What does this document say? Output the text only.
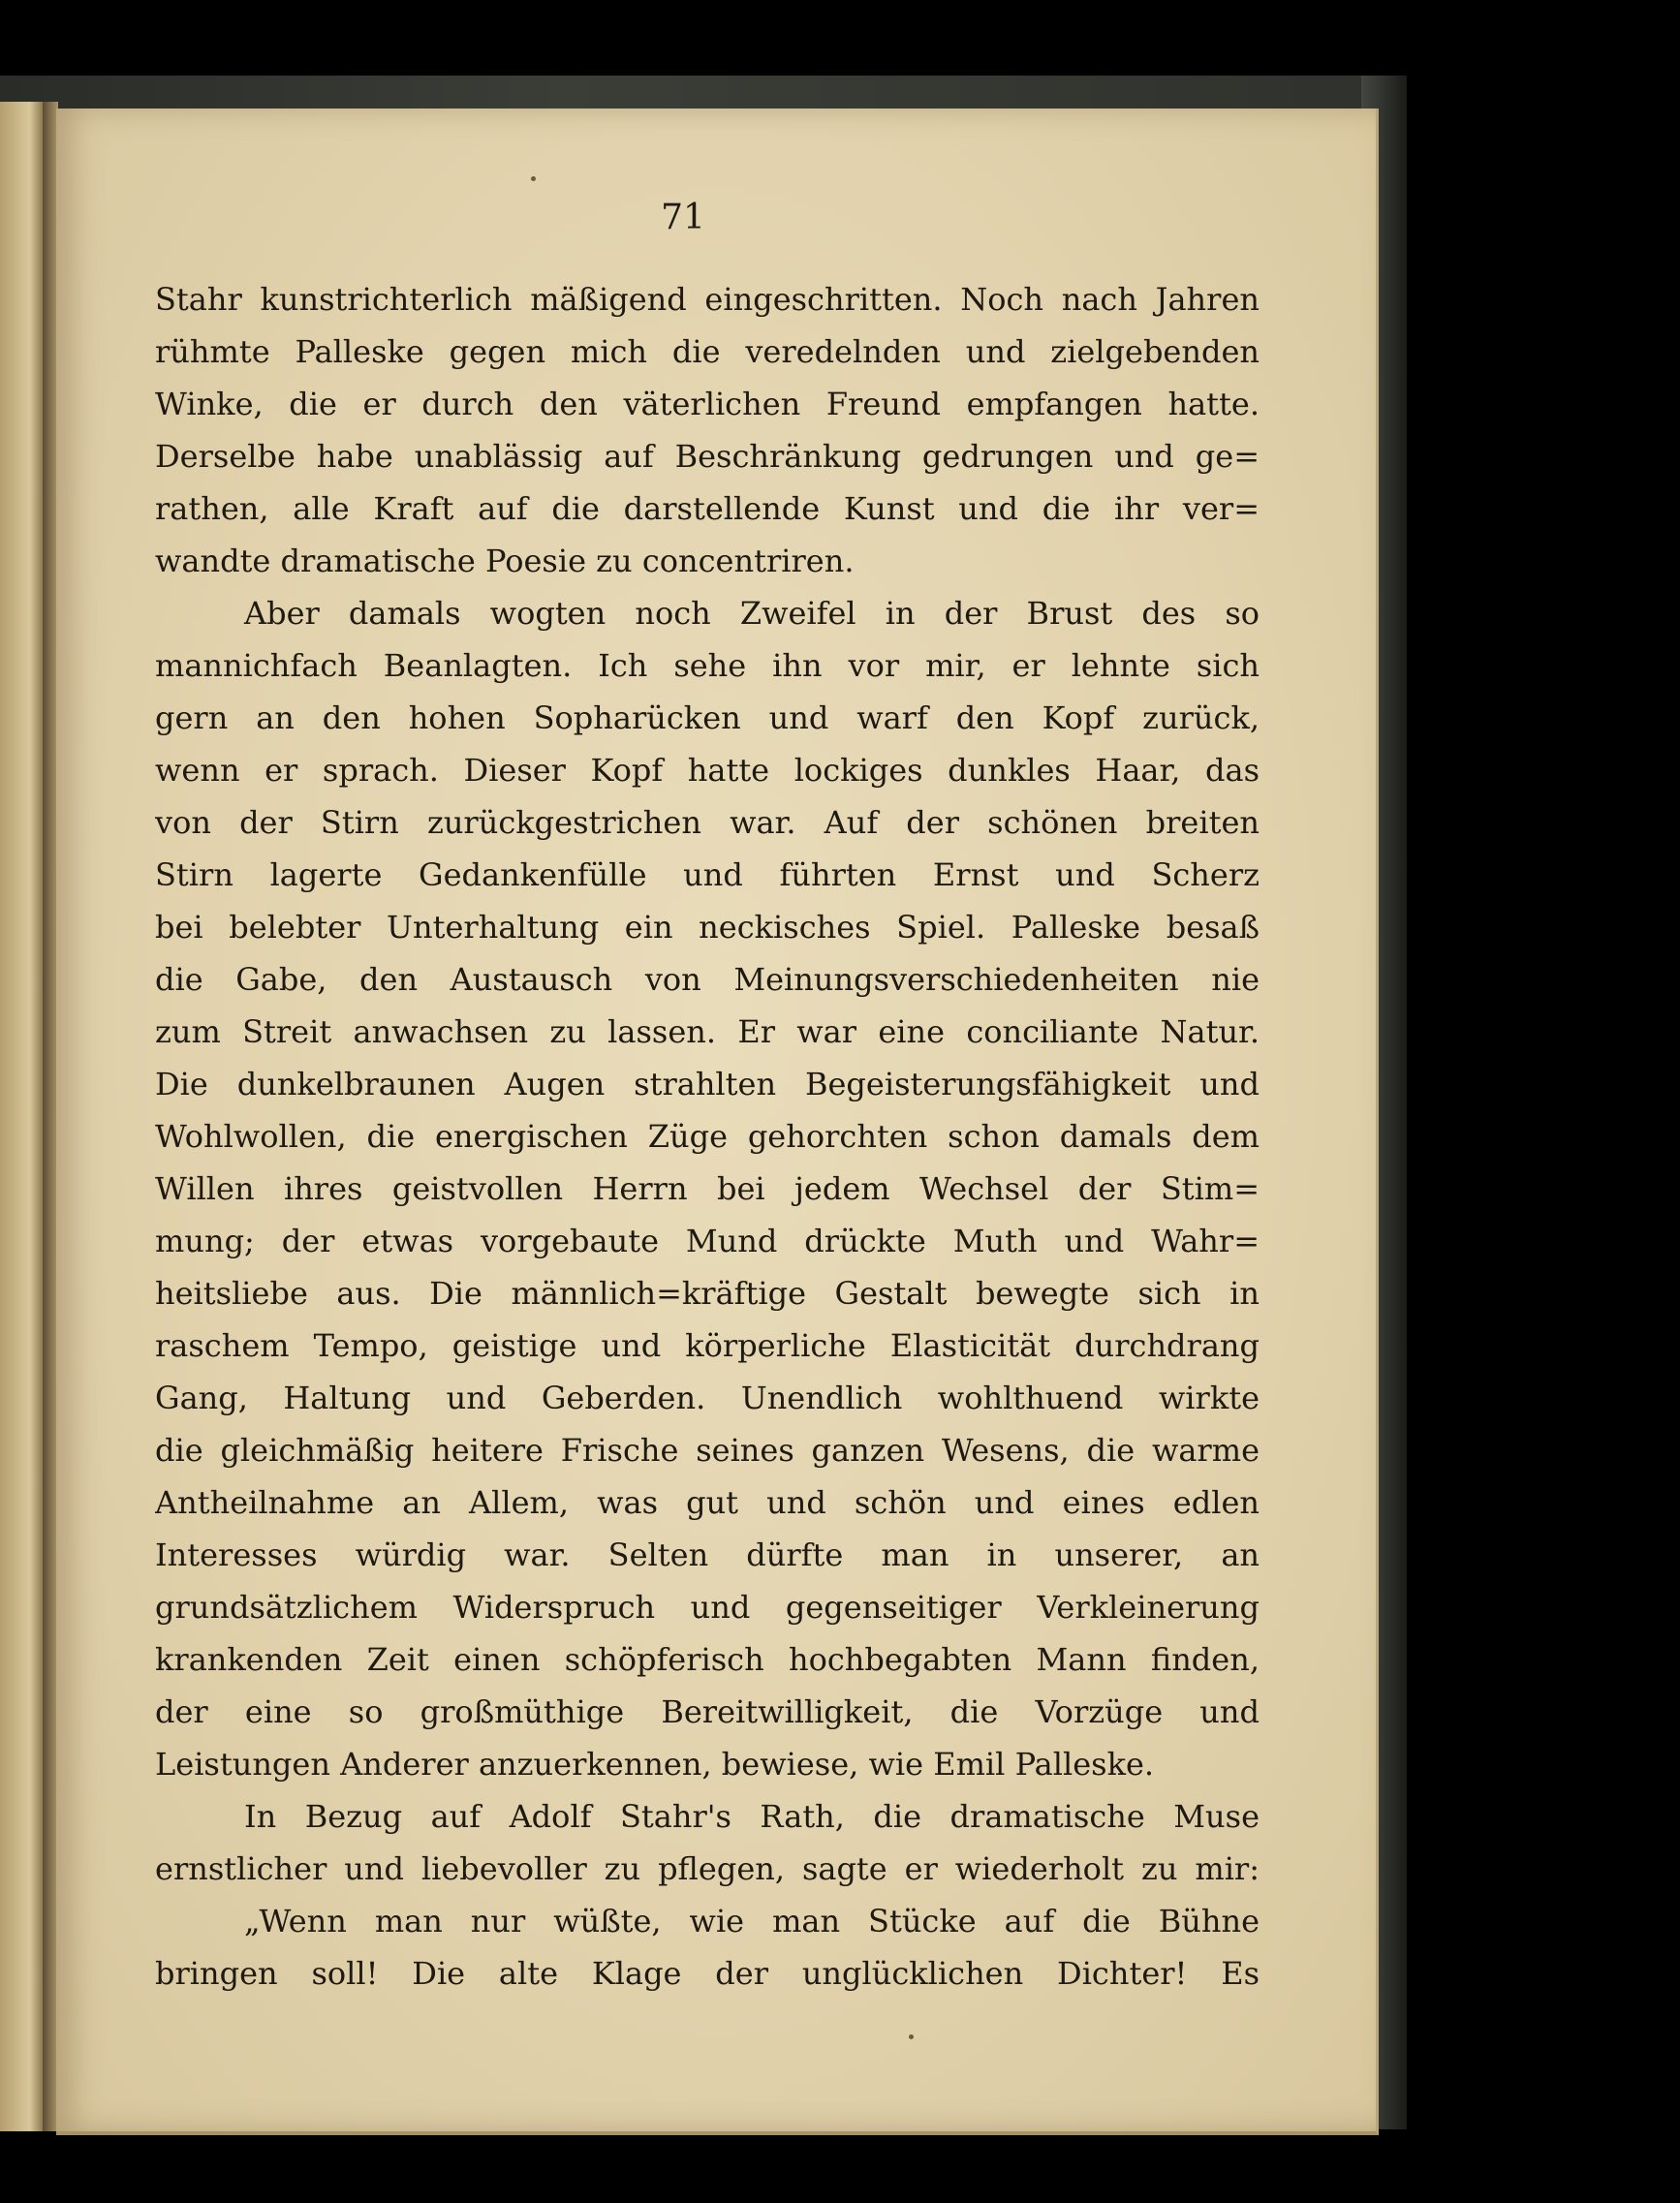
71
Stahr kunstrichterlich mäßigend eingeschritten. Noch nach Jahren
rühmte Palleske gegen mich die veredelnden und zielgebenden
Winke, die er durch den väterlichen Freund empfangen hatte.
Derselbe habe unablässig auf Beschränkung gedrungen und ge=
rathen, alle Kraft auf die darstellende Kunst und die ihr ver=
wandte dramatische Poesie zu concentriren.
Aber damals wogten noch Zweifel in der Brust des so
mannichfach Beanlagten. Ich sehe ihn vor mir, er lehnte sich
gern an den hohen Sopharücken und warf den Kopf zurück,
wenn er sprach. Dieser Kopf hatte lockiges dunkles Haar, das
von der Stirn zurückgestrichen war. Auf der schönen breiten
Stirn lagerte Gedankenfülle und führten Ernst und Scherz
bei belebter Unterhaltung ein neckisches Spiel. Palleske besaß
die Gabe, den Austausch von Meinungsverschiedenheiten nie
zum Streit anwachsen zu lassen. Er war eine conciliante Natur.
Die dunkelbraunen Augen strahlten Begeisterungsfähigkeit und
Wohlwollen, die energischen Züge gehorchten schon damals dem
Willen ihres geistvollen Herrn bei jedem Wechsel der Stim=
mung; der etwas vorgebaute Mund drückte Muth und Wahr=
heitsliebe aus. Die männlich=kräftige Gestalt bewegte sich in
raschem Tempo, geistige und körperliche Elasticität durchdrang
Gang, Haltung und Geberden. Unendlich wohlthuend wirkte
die gleichmäßig heitere Frische seines ganzen Wesens, die warme
Antheilnahme an Allem, was gut und schön und eines edlen
Interesses würdig war. Selten dürfte man in unserer, an
grundsätzlichem Widerspruch und gegenseitiger Verkleinerung
krankenden Zeit einen schöpferisch hochbegabten Mann finden,
der eine so großmüthige Bereitwilligkeit, die Vorzüge und
Leistungen Anderer anzuerkennen, bewiese, wie Emil Palleske.
In Bezug auf Adolf Stahr's Rath, die dramatische Muse
ernstlicher und liebevoller zu pflegen, sagte er wiederholt zu mir:
„Wenn man nur wüßte, wie man Stücke auf die Bühne
bringen soll! Die alte Klage der unglücklichen Dichter! Es
